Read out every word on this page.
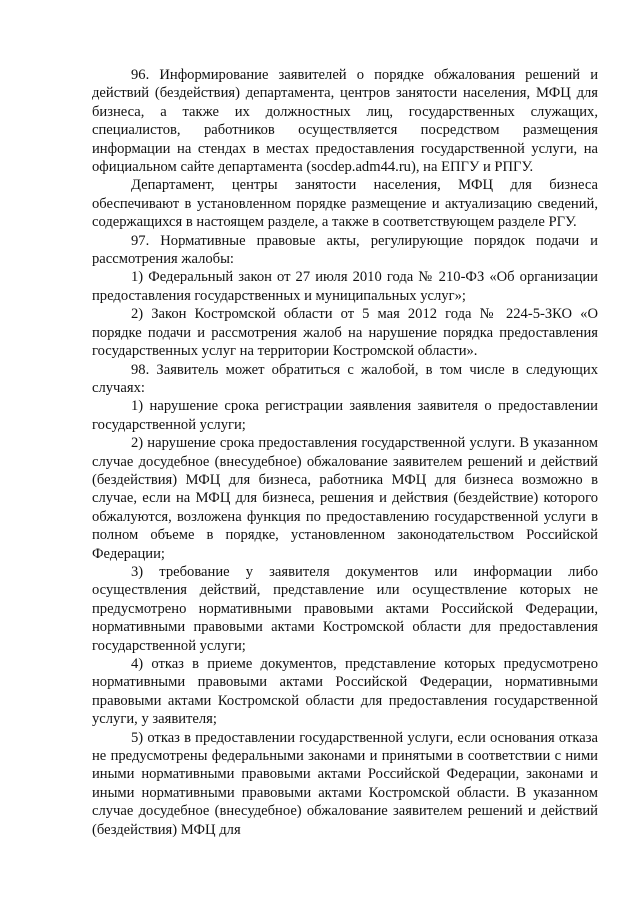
96. Информирование заявителей о порядке обжалования решений и действий (бездействия) департамента, центров занятости населения, МФЦ для бизнеса, а также их должностных лиц, государственных служащих, специалистов, работников осуществляется посредством размещения информации на стендах в местах предоставления государственной услуги, на официальном сайте департамента (socdep.adm44.ru), на ЕПГУ и РПГУ.

Департамент, центры занятости населения, МФЦ для бизнеса обеспечивают в установленном порядке размещение и актуализацию сведений, содержащихся в настоящем разделе, а также в соответствующем разделе РГУ.

97. Нормативные правовые акты, регулирующие порядок подачи и рассмотрения жалобы:

1) Федеральный закон от 27 июля 2010 года № 210-ФЗ «Об организации предоставления государственных и муниципальных услуг»;

2) Закон Костромской области от 5 мая 2012 года № 224-5-ЗКО «О порядке подачи и рассмотрения жалоб на нарушение порядка предоставления государственных услуг на территории Костромской области».

98. Заявитель может обратиться с жалобой, в том числе в следующих случаях:

1) нарушение срока регистрации заявления заявителя о предоставлении государственной услуги;

2) нарушение срока предоставления государственной услуги. В указанном случае досудебное (внесудебное) обжалование заявителем решений и действий (бездействия) МФЦ для бизнеса, работника МФЦ для бизнеса возможно в случае, если на МФЦ для бизнеса, решения и действия (бездействие) которого обжалуются, возложена функция по предоставлению государственной услуги в полном объеме в порядке, установленном законодательством Российской Федерации;

3) требование у заявителя документов или информации либо осуществления действий, представление или осуществление которых не предусмотрено нормативными правовыми актами Российской Федерации, нормативными правовыми актами Костромской области для предоставления государственной услуги;

4) отказ в приеме документов, представление которых предусмотрено нормативными правовыми актами Российской Федерации, нормативными правовыми актами Костромской области для предоставления государственной услуги, у заявителя;

5) отказ в предоставлении государственной услуги, если основания отказа не предусмотрены федеральными законами и принятыми в соответствии с ними иными нормативными правовыми актами Российской Федерации, законами и иными нормативными правовыми актами Костромской области. В указанном случае досудебное (внесудебное) обжалование заявителем решений и действий (бездействия) МФЦ для
